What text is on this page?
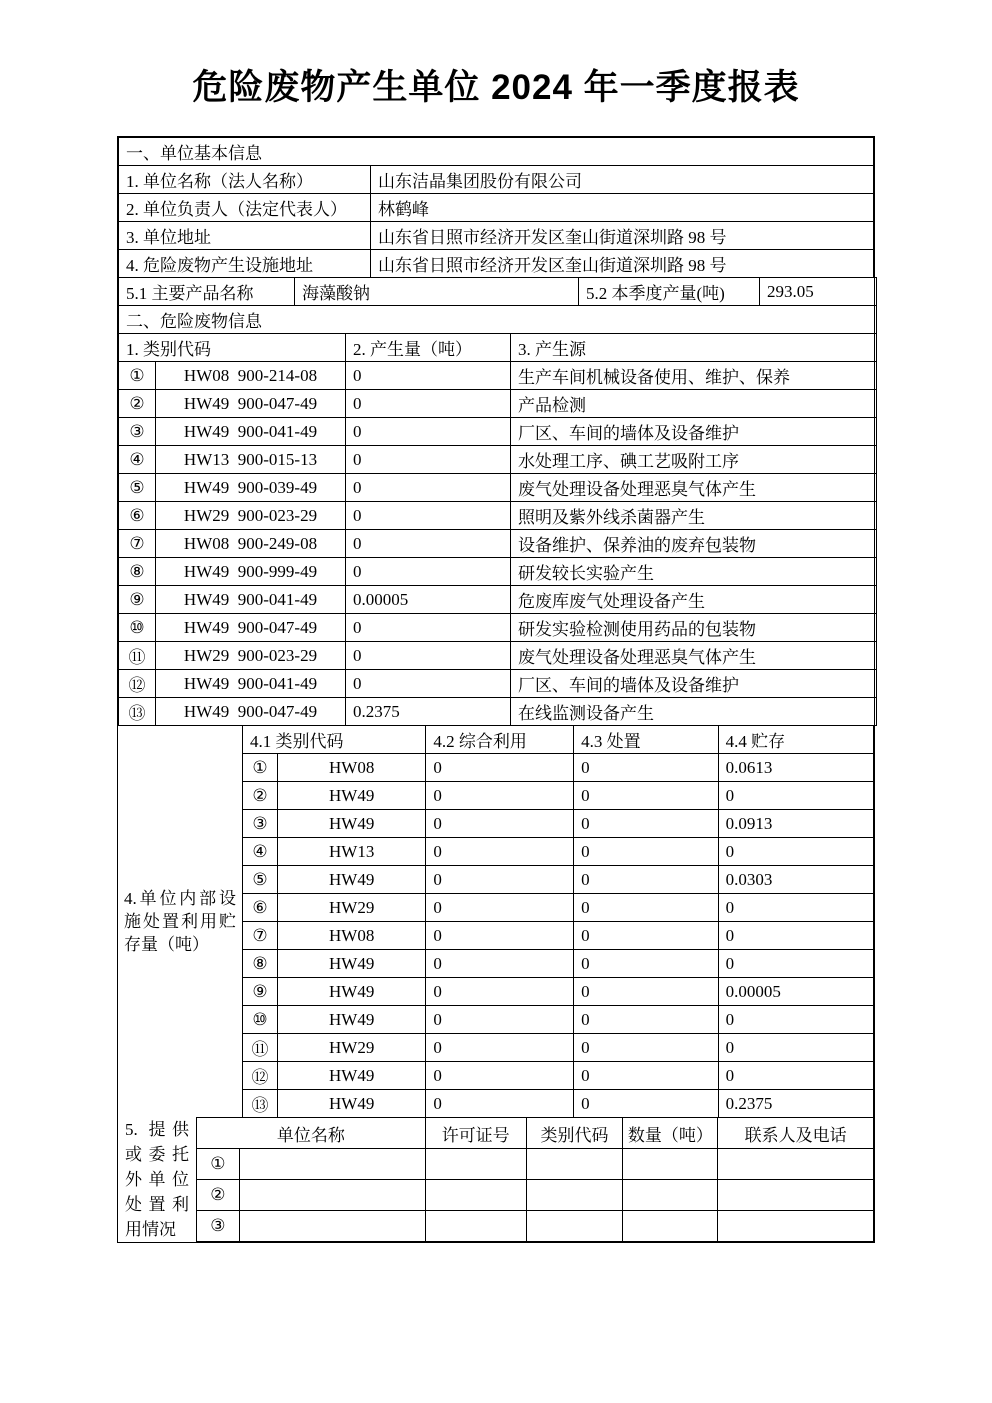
危险废物产生单位 2024 年一季度报表
一、单位基本信息	
1. 单位名称（法人名称）	山东洁晶集团股份有限公司
2. 单位负责人（法定代表人）	林鹤峰
3. 单位地址	山东省日照市经济开发区奎山街道深圳路 98 号
4. 危险废物产生设施地址	山东省日照市经济开发区奎山街道深圳路 98 号
5.1 主要产品名称	海藻酸钠	5.2 本季度产量(吨)	293.05
二、危险废物信息			
1. 类别代码		2. 产生量（吨）	3. 产生源
①	HW08  900-214-08	0	生产车间机械设备使用、维护、保养
②	HW49  900-047-49	0	产品检测
③	HW49  900-041-49	0	厂区、车间的墙体及设备维护
④	HW13  900-015-13	0	水处理工序、碘工艺吸附工序
⑤	HW49  900-039-49	0	废气处理设备处理恶臭气体产生
⑥	HW29  900-023-29	0	照明及紫外线杀菌器产生
⑦	HW08  900-249-08	0	设备维护、保养油的废弃包装物
⑧	HW49  900-999-49	0	研发较长实验产生
⑨	HW49  900-041-49	0.00005	危废库废气处理设备产生
⑩	HW49  900-047-49	0	研发实验检测使用药品的包装物
⑪	HW29  900-023-29	0	废气处理设备处理恶臭气体产生
⑫	HW49  900-041-49	0	厂区、车间的墙体及设备维护
⑬	HW49  900-047-49	0.2375	在线监测设备产生
4.单位内部设施处置利用贮存量（吨）
4.1 类别代码		4.2 综合利用	4.3 处置	4.4 贮存
①	HW08	0	0	0.0613
②	HW49	0	0	0
③	HW49	0	0	0.0913
④	HW13	0	0	0
⑤	HW49	0	0	0.0303
⑥	HW29	0	0	0
⑦	HW08	0	0	0
⑧	HW49	0	0	0
⑨	HW49	0	0	0.00005
⑩	HW49	0	0	0
⑪	HW29	0	0	0
⑫	HW49	0	0	0
⑬	HW49	0	0	0.2375
5. 提供或委托外单位处置利用情况
单位名称		许可证号	类别代码	数量（吨）	联系人及电话
①					
②					
③					
